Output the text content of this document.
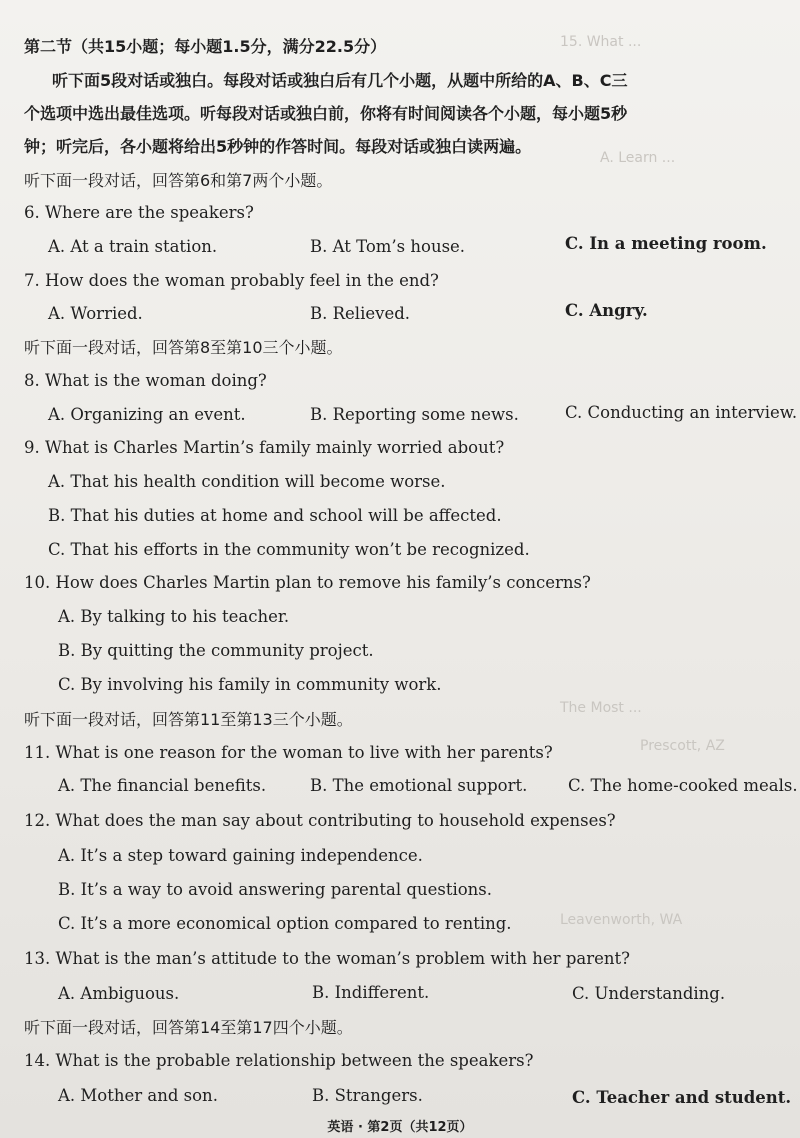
15. What ...
A. Learn ...
The Most ...
Prescott, AZ
Leavenworth, WA
第二节（共15小题；每小题1.5分，满分22.5分）
听下面5段对话或独白。每段对话或独白后有几个小题，从题中所给的A、B、C三
个选项中选出最佳选项。听每段对话或独白前，你将有时间阅读各个小题，每小题5秒
钟；听完后，各小题将给出5秒钟的作答时间。每段对话或独白读两遍。
听下面一段对话，回答第6和第7两个小题。
6. Where are the speakers?
A. At a train station.	B. At Tom’s house.	C. In a meeting room.
7. How does the woman probably feel in the end?
A. Worried.	B. Relieved.	C. Angry.
听下面一段对话，回答第8至第10三个小题。
8. What is the woman doing?
A. Organizing an event.	B. Reporting some news.	C. Conducting an interview.
9. What is Charles Martin’s family mainly worried about?
A. That his health condition will become worse.
B. That his duties at home and school will be affected.
C. That his efforts in the community won’t be recognized.
10. How does Charles Martin plan to remove his family’s concerns?
A. By talking to his teacher.
B. By quitting the community project.
C. By involving his family in community work.
听下面一段对话，回答第11至第13三个小题。
11. What is one reason for the woman to live with her parents?
A. The financial benefits.	B. The emotional support. C. The home-cooked meals.
12. What does the man say about contributing to household expenses?
A. It’s a step toward gaining independence.
B. It’s a way to avoid answering parental questions.
C. It’s a more economical option compared to renting.
13. What is the man’s attitude to the woman’s problem with her parent?
A. Ambiguous.	B. Indifferent.	C. Understanding.
听下面一段对话，回答第14至第17四个小题。
14. What is the probable relationship between the speakers?
A. Mother and son.	B. Strangers.	C. Teacher and student.
英语 · 第2页（共12页）
